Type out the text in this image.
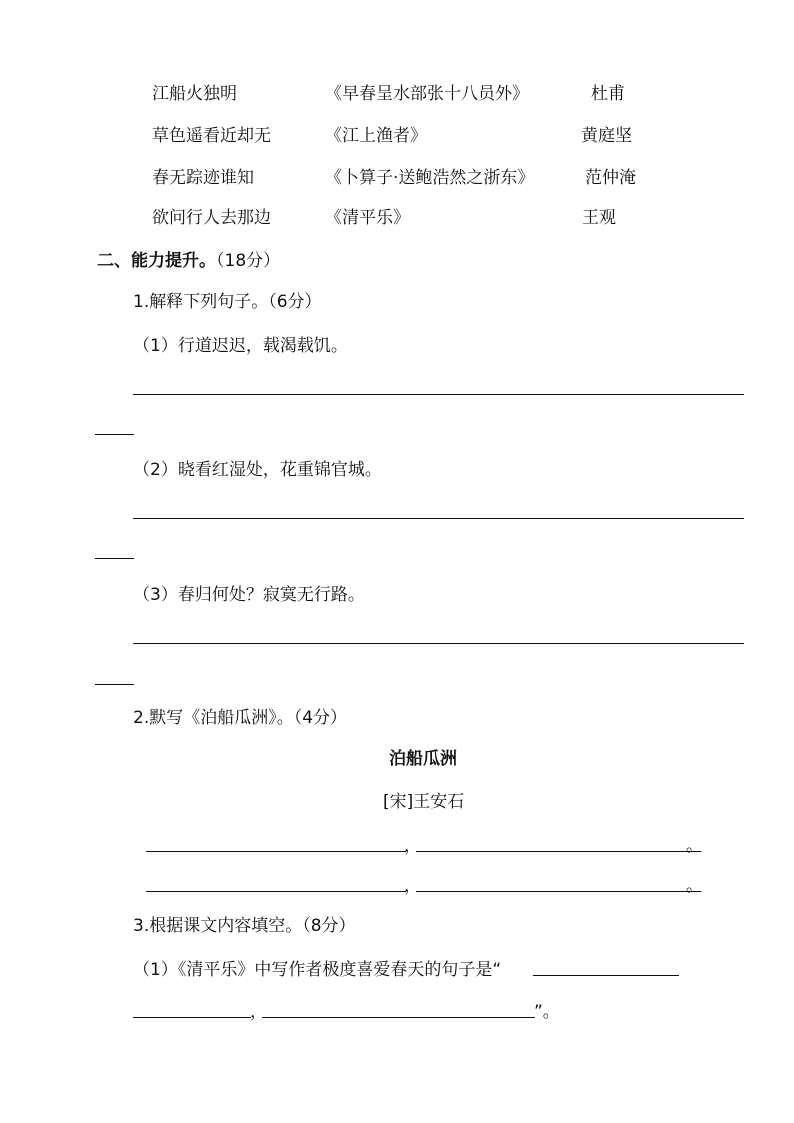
江船火独明	《早春呈水部张十八员外》	杜甫
草色遥看近却无	《江上渔者》	黄庭坚
春无踪迹谁知	《卜算子·送鲍浩然之浙东》	范仲淹
欲问行人去那边	《清平乐》	王观
二、能力提升。（18分）
1.解释下列句子。（6分）
（1）行道迟迟，载渴载饥。
（2）晓看红湿处，花重锦官城。
（3）春归何处？寂寞无行路。
2.默写《泊船瓜洲》。（4分）
泊船瓜洲
[宋]王安石
，	。
，	。
3.根据课文内容填空。（8分）
（1）《清平乐》中写作者极度喜爱春天的句子是“
，	”。
